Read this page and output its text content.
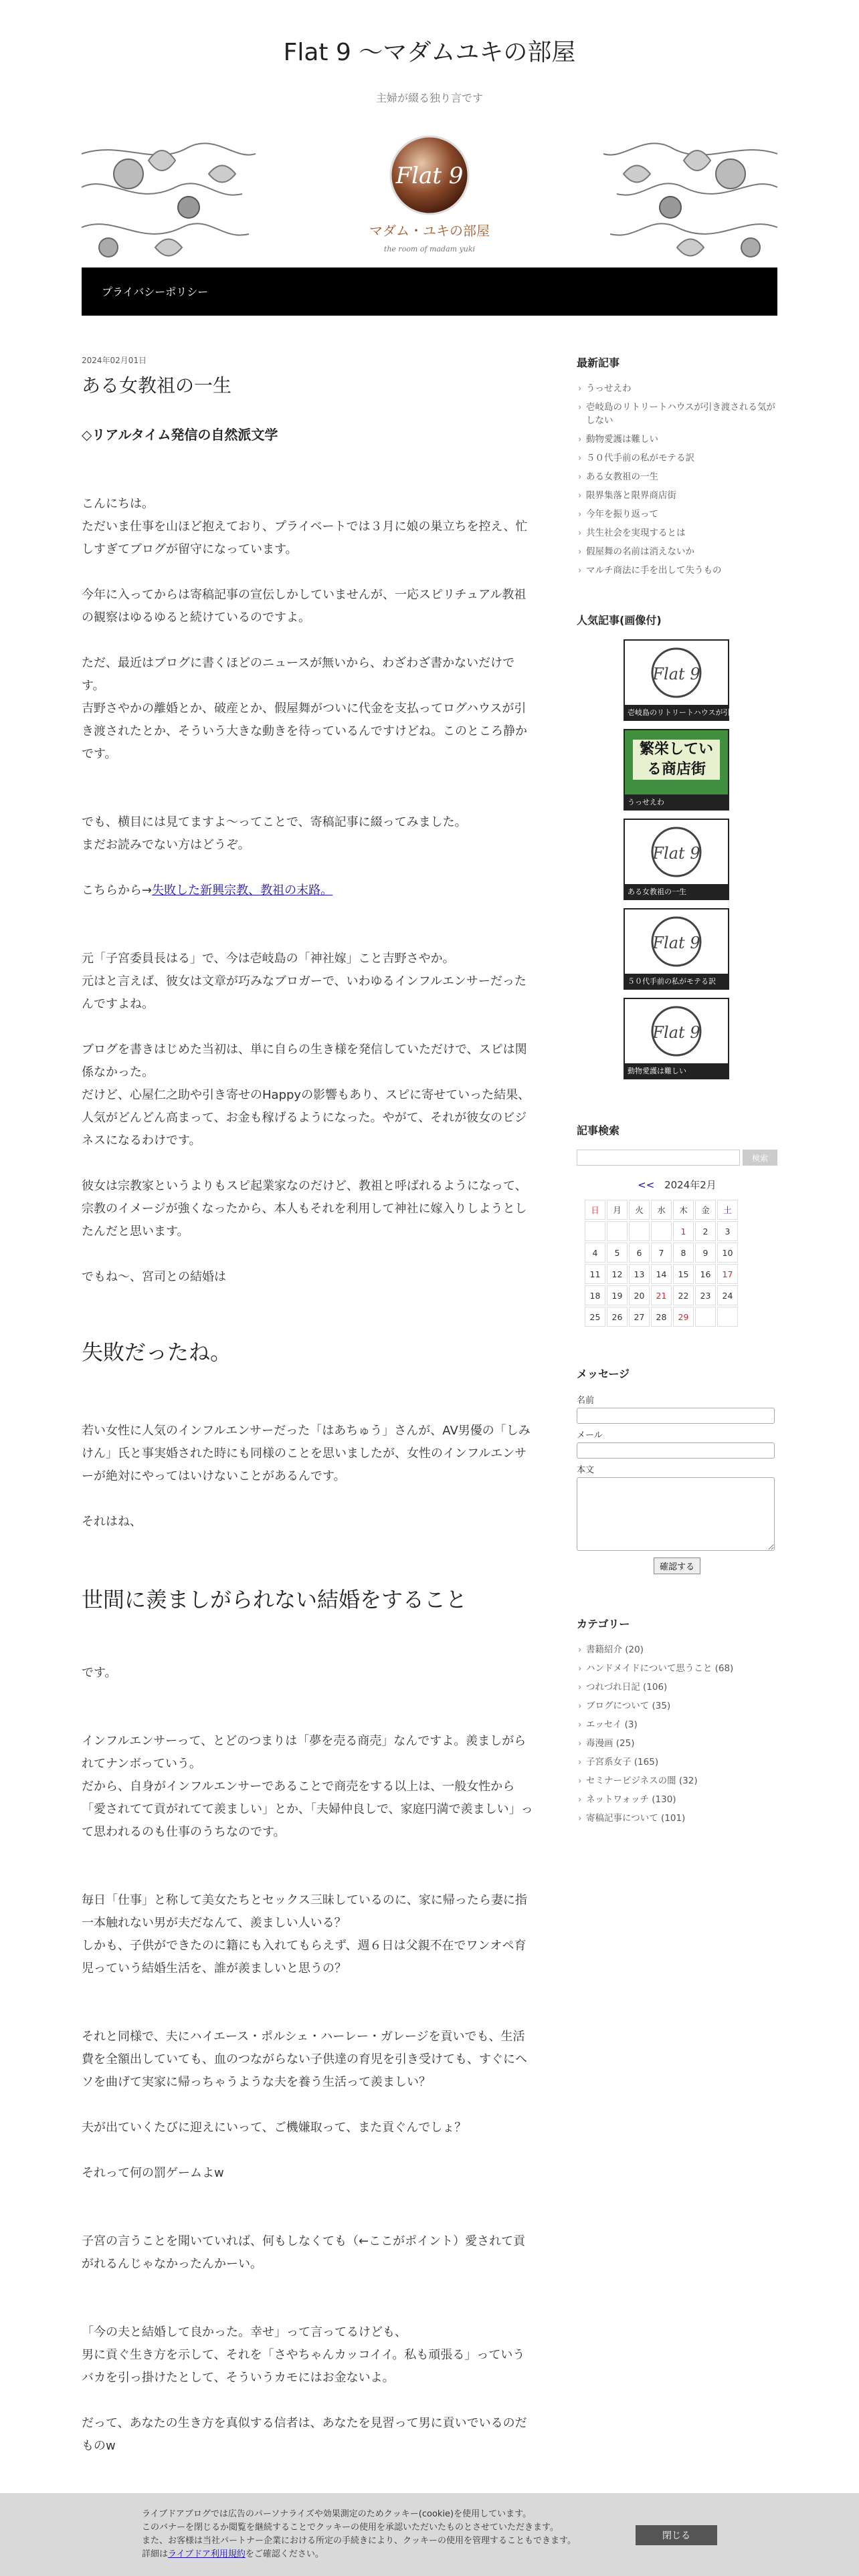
Flat 9 〜マダムユキの部屋
主婦が綴る独り言です
Flat 9
マダム・ユキの部屋
the room of madam yuki
プライバシーポリシー
2024年02月01日
ある女教祖の一生

◇リアルタイム発信の自然派文学

こんにちは。

ただいま仕事を山ほど抱えており、プライベートでは３月に娘の巣立ちを控え、忙しすぎてブログが留守になっています。

今年に入ってからは寄稿記事の宣伝しかしていませんが、一応スピリチュアル教祖の観察はゆるゆると続けているのですよ。

ただ、最近はブログに書くほどのニュースが無いから、わざわざ書かないだけです。

吉野さやかの離婚とか、破産とか、假屋舞がついに代金を支払ってログハウスが引き渡されたとか、そういう大きな動きを待っているんですけどね。このところ静かです。

でも、横目には見てますよ〜ってことで、寄稿記事に綴ってみました。

まだお読みでない方はどうぞ。

こちらから→失敗した新興宗教、教祖の末路。

元「子宮委員長はる」で、今は壱岐島の「神社嫁」こと吉野さやか。

元はと言えば、彼女は文章が巧みなブロガーで、いわゆるインフルエンサーだったんですよね。

ブログを書きはじめた当初は、単に自らの生き様を発信していただけで、スピは関係なかった。

だけど、心屋仁之助や引き寄せのHappyの影響もあり、スピに寄せていった結果、人気がどんどん高まって、お金も稼げるようになった。やがて、それが彼女のビジネスになるわけです。

彼女は宗教家というよりもスピ起業家なのだけど、教祖と呼ばれるようになって、宗教のイメージが強くなったから、本人もそれを利用して神社に嫁入りしようとしたんだと思います。

でもね〜、宮司との結婚は

失敗だったね。

若い女性に人気のインフルエンサーだった「はあちゅう」さんが、AV男優の「しみけん」氏と事実婚された時にも同様のことを思いましたが、女性のインフルエンサーが絶対にやってはいけないことがあるんです。

それはね、

世間に羨ましがられない結婚をすること

です。

インフルエンサーって、とどのつまりは「夢を売る商売」なんですよ。羨ましがられてナンボっていう。

だから、自身がインフルエンサーであることで商売をする以上は、一般女性から「愛されてて貢がれてて羨ましい」とか、「夫婦仲良しで、家庭円満で羨ましい」って思われるのも仕事のうちなのです。

毎日「仕事」と称して美女たちとセックス三昧しているのに、家に帰ったら妻に指一本触れない男が夫だなんて、羨ましい人いる？

しかも、子供ができたのに籍にも入れてもらえず、週６日は父親不在でワンオペ育児っていう結婚生活を、誰が羨ましいと思うの？

それと同様で、夫にハイエース・ポルシェ・ハーレー・ガレージを貢いでも、生活費を全額出していても、血のつながらない子供達の育児を引き受けても、すぐにヘソを曲げて実家に帰っちゃうような夫を養う生活って羨ましい？

夫が出ていくたびに迎えにいって、ご機嫌取って、また貢ぐんでしょ？

それって何の罰ゲームよw

子宮の言うことを聞いていれば、何もしなくても（←ここがポイント）愛されて貢がれるんじゃなかったんかーい。

「今の夫と結婚して良かった。幸せ」って言ってるけども、

男に貢ぐ生き方を示して、それを「さやちゃんカッコイイ。私も頑張る」っていうバカを引っ掛けたとして、そういうカモにはお金ないよ。

だって、あなたの生き方を真似する信者は、あなたを見習って男に貢いでいるのだものw

最新記事
› うっせえわ
› 壱岐島のリトリートハウスが引き渡される気がしない
› 動物愛護は難しい
› ５０代手前の私がモテる訳
› ある女教祖の一生
› 限界集落と限界商店街
› 今年を振り返って
› 共生社会を実現するとは
› 假屋舞の名前は消えないか
› マルチ商法に手を出して失うもの
人気記事(画像付)
Flat 9
壱岐島のリトリートハウスが引き渡される気がしない
繁栄している商店街
うっせえわ
Flat 9
ある女教祖の一生
Flat 9
５０代手前の私がモテる訳
Flat 9
動物愛護は難しい
記事検索
検索
<< 2024年2月
日	月	火	水	木	金	土
				1	2	3
4	5	6	7	8	9	10
11	12	13	14	15	16	17
18	19	20	21	22	23	24
25	26	27	28	29		
メッセージ
名前
メール
本文
確認する
カテゴリー
› 書籍紹介 (20)
› ハンドメイドについて思うこと (68)
› つれづれ日記 (106)
› ブログについて (35)
› エッセイ (3)
› 毒漫画 (25)
› 子宮系女子 (165)
› セミナービジネスの闇 (32)
› ネットワォッチ (130)
› 寄稿記事について (101)
ライブドアブログでは広告のパーソナライズや効果測定のためクッキー(cookie)を使用しています。
このバナーを閉じるか閲覧を継続することでクッキーの使用を承認いただいたものとさせていただきます。
また、お客様は当社パートナー企業における所定の手続きにより、クッキーの使用を管理することもできます。
詳細はライブドア利用規約をご確認ください。
閉じる
